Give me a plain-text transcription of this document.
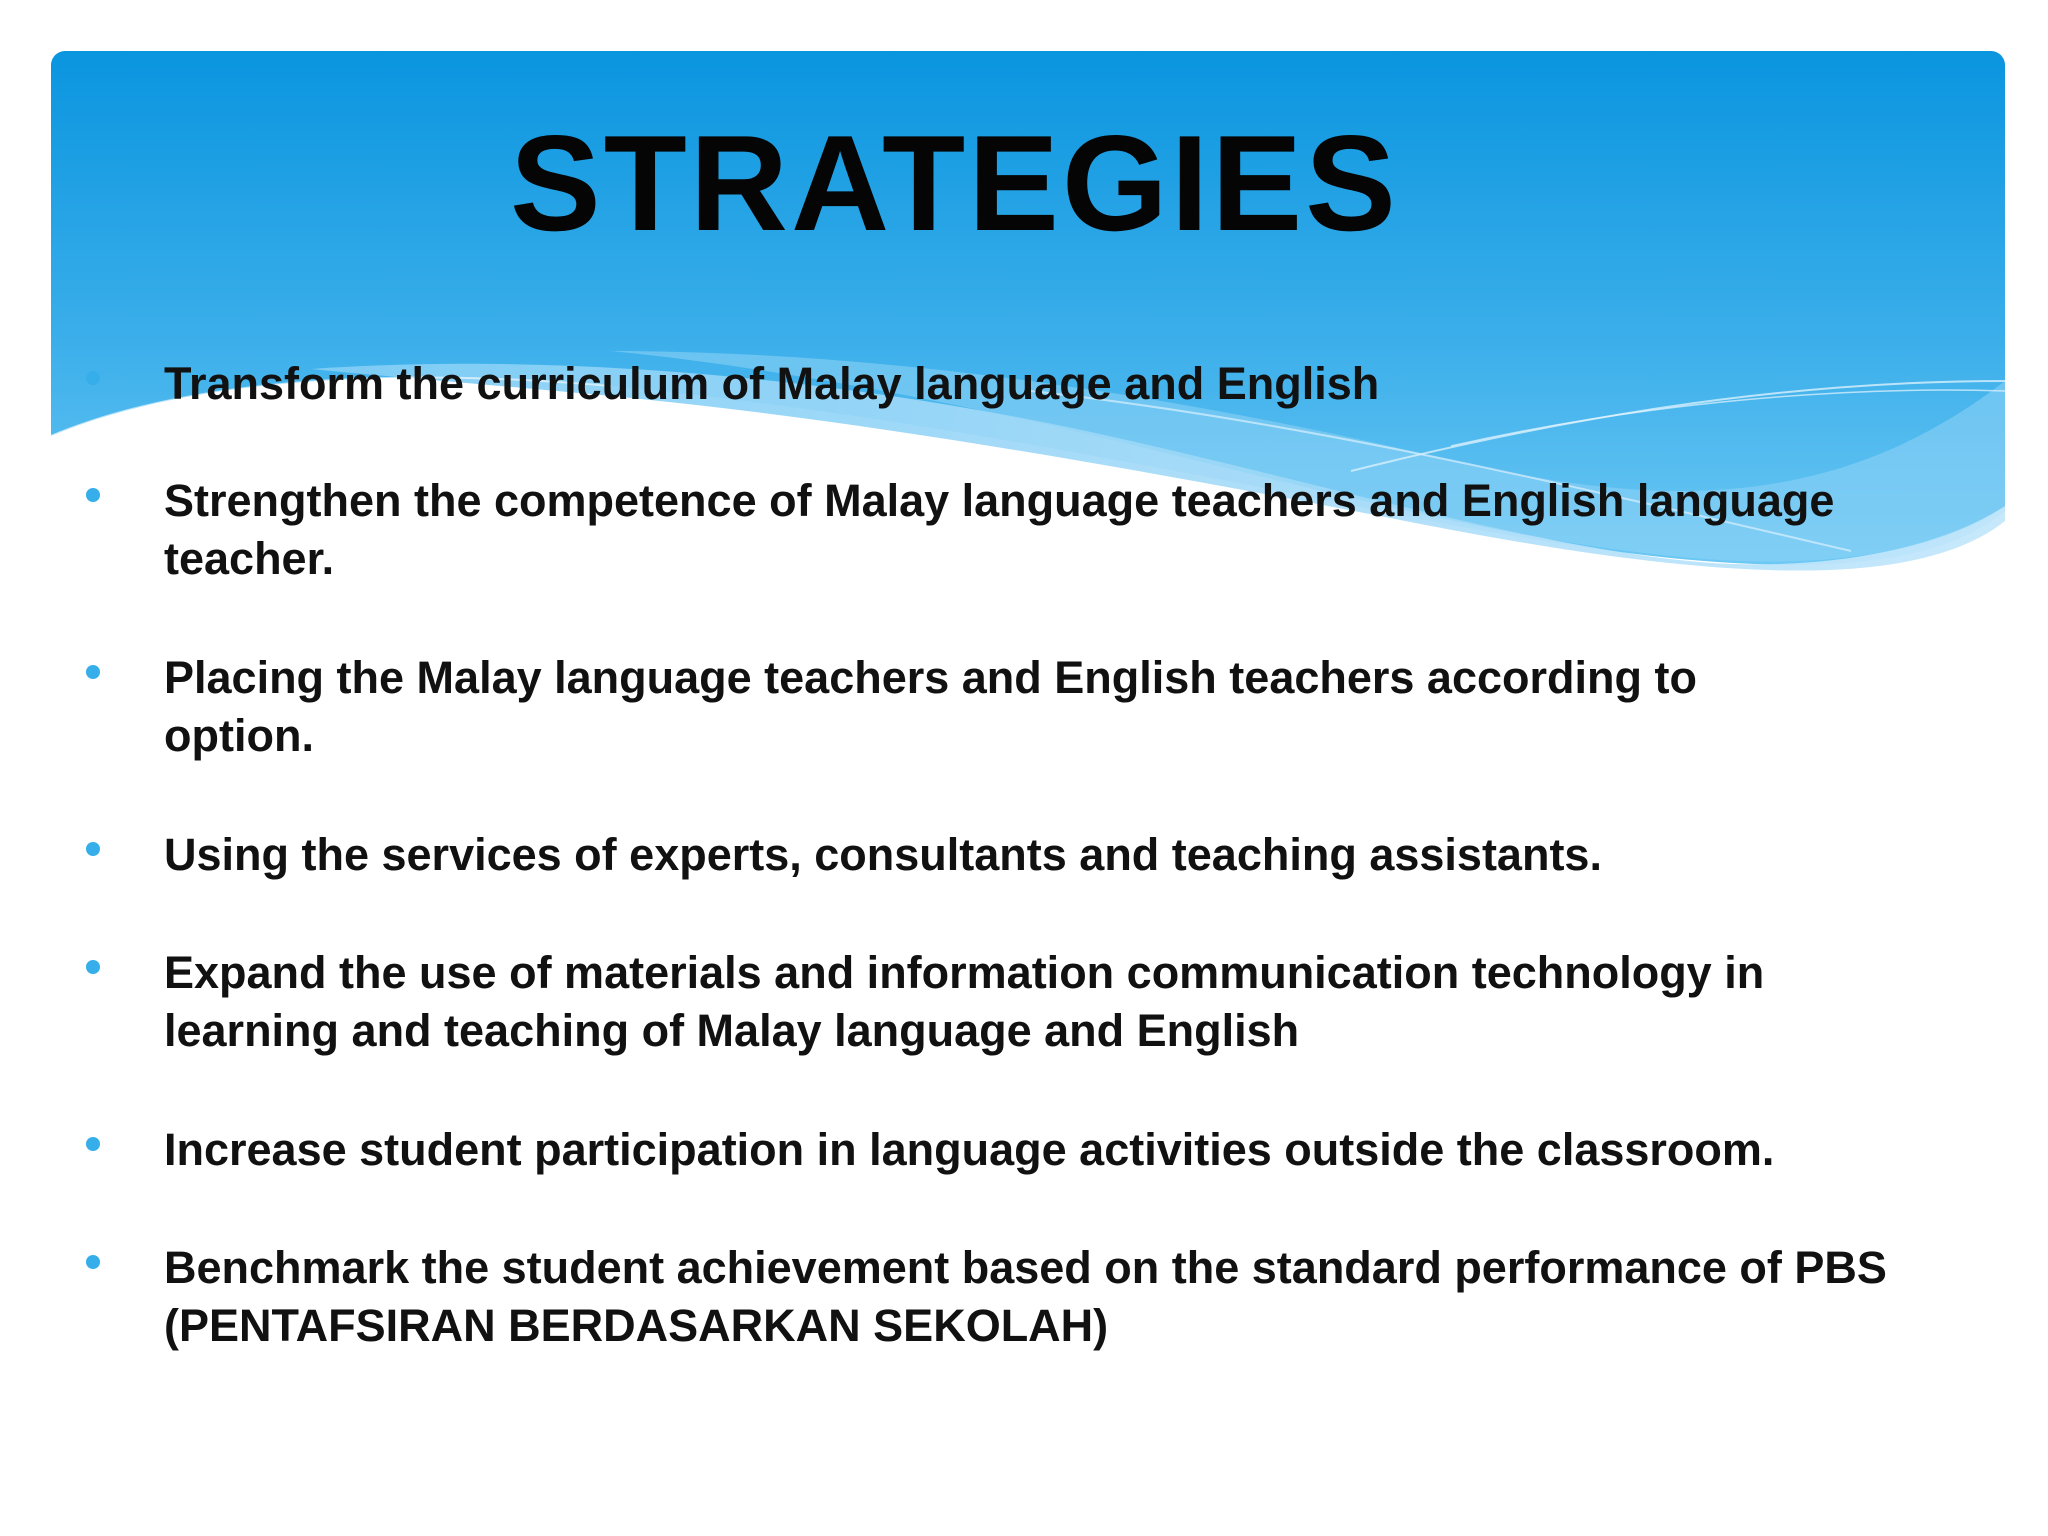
STRATEGIES

Transform the curriculum of Malay language and English

Strengthen the competence of Malay language teachers and English language teacher.

Placing the Malay language teachers and English teachers according to option.

Using the services of experts, consultants and teaching assistants.

Expand the use of materials and information communication technology in learning and teaching of Malay language and English

Increase student participation in language activities outside the classroom.

Benchmark the student achievement based on the standard performance of PBS (PENTAFSIRAN BERDASARKAN SEKOLAH)
